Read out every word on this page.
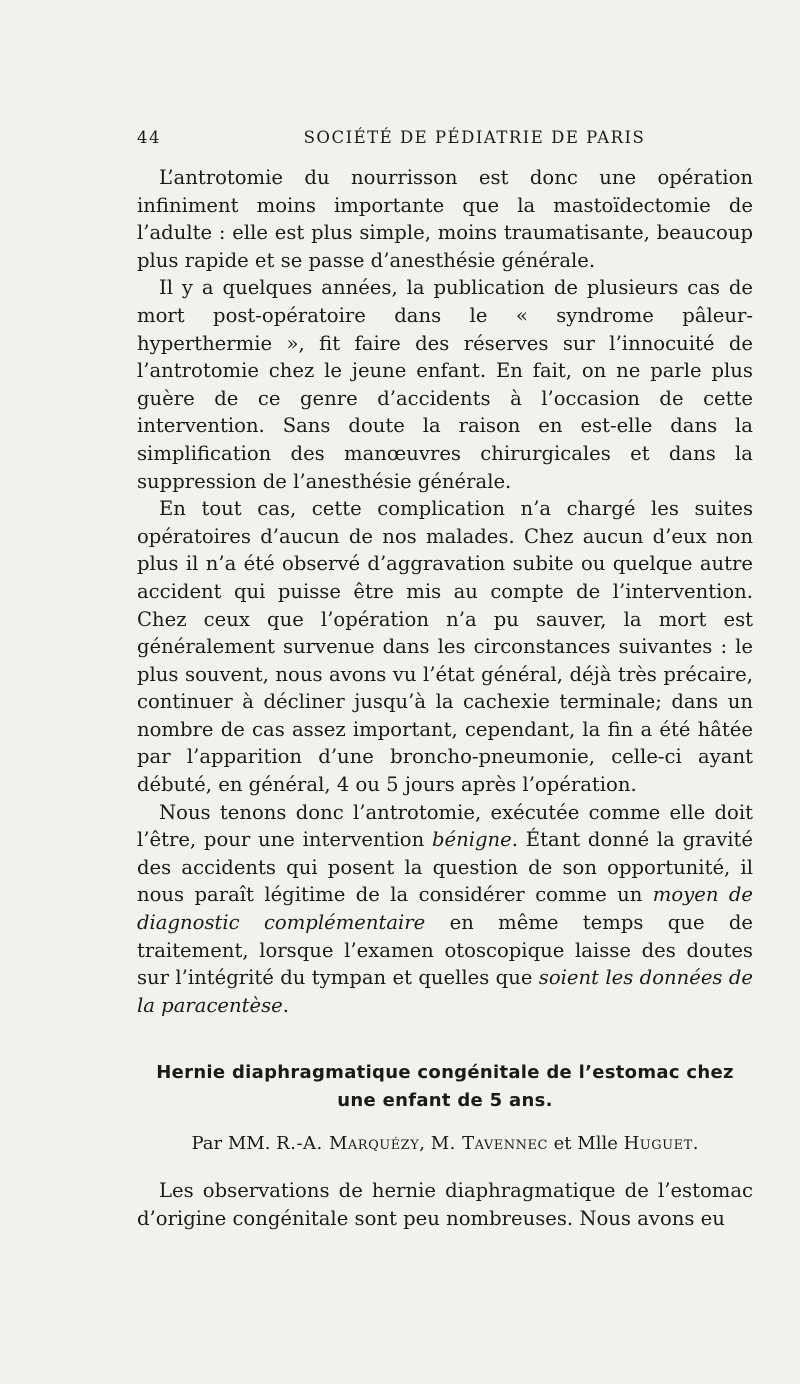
44	SOCIÉTÉ DE PÉDIATRIE DE PARIS

L’antrotomie du nourrisson est donc une opération infiniment moins importante que la mastoïdectomie de l’adulte : elle est plus simple, moins traumatisante, beaucoup plus rapide et se passe d’anesthésie générale.

Il y a quelques années, la publication de plusieurs cas de mort post-opératoire dans le « syndrome pâleur-hyperthermie », fit faire des réserves sur l’innocuité de l’antrotomie chez le jeune enfant. En fait, on ne parle plus guère de ce genre d’accidents à l’occasion de cette intervention. Sans doute la raison en est-elle dans la simplification des manœuvres chirurgicales et dans la suppression de l’anesthésie générale.

En tout cas, cette complication n’a chargé les suites opératoires d’aucun de nos malades. Chez aucun d’eux non plus il n’a été observé d’aggravation subite ou quelque autre accident qui puisse être mis au compte de l’intervention. Chez ceux que l’opération n’a pu sauver, la mort est généralement survenue dans les circonstances suivantes : le plus souvent, nous avons vu l’état général, déjà très précaire, continuer à décliner jusqu’à la cachexie terminale; dans un nombre de cas assez important, cependant, la fin a été hâtée par l’apparition d’une broncho-pneumonie, celle-ci ayant débuté, en général, 4 ou 5 jours après l’opération.

Nous tenons donc l’antrotomie, exécutée comme elle doit l’être, pour une intervention bénigne. Étant donné la gravité des accidents qui posent la question de son opportunité, il nous paraît légitime de la considérer comme un moyen de diagnostic complémentaire en même temps que de traitement, lorsque l’examen otoscopique laisse des doutes sur l’intégrité du tympan et quelles que soient les données de la paracentèse.

Hernie diaphragmatique congénitale de l’estomac chez une enfant de 5 ans.
Par MM. R.-A. Marquézy, M. Tavennec et Mlle Huguet.

Les observations de hernie diaphragmatique de l’estomac d’origine congénitale sont peu nombreuses. Nous avons eu
